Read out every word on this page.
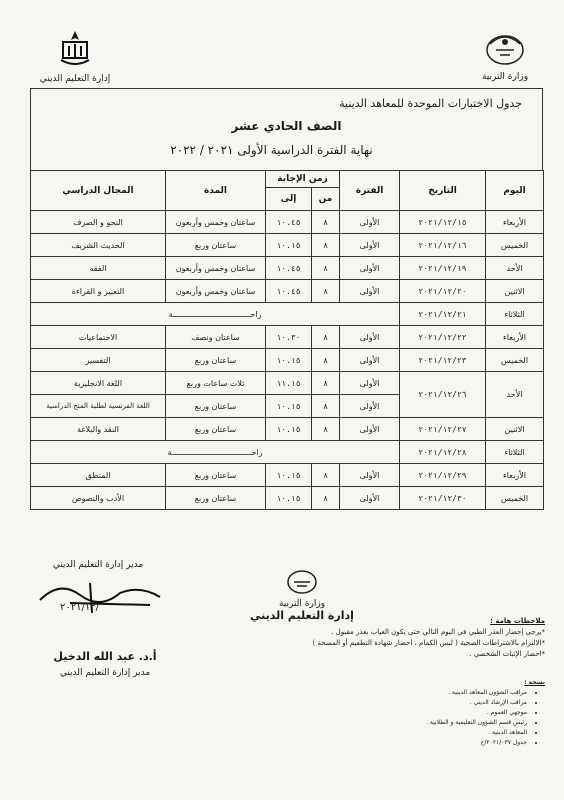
إدارة التعليم الديني	وزارة التربية
جدول الاختبارات الموحدة للمعاهد الدينية
الصف الحادي عشر
نهاية الفترة الدراسية الأولى ٢٠٢١ / ٢٠٢٢
اليوم	التاريخ	الفترة	زمن الإجابة		المدة	المجال الدراسي
			من	إلى		
الأربعاء	٢٠٢١/١٢/١٥	الأولى	٨	١٠.٤٥	ساعتان وخمس وأربعون	النحو و الصرف
الخميس	٢٠٢١/١٢/١٦	الأولى	٨	١٠.١٥	ساعتان وربع	الحديث الشريف
الأحد	٢٠٢١/١٢/١٩	الأولى	٨	١٠.٤٥	ساعتان وخمس وأربعون	الفقه
الاثنين	٢٠٢١/١٢/٢٠	الأولى	٨	١٠.٤٥	ساعتان وخمس وأربعون	التعبير و القراءة
الثلاثاء	٢٠٢١/١٢/٢١	راحـــــــــــــــــــــــــــــــــة				
الأربعاء	٢٠٢١/١٢/٢٢	الأولى	٨	١٠.٣٠	ساعتان ونصف	الاجتماعيات
الخميس	٢٠٢١/١٢/٢٣	الأولى	٨	١٠.١٥	ساعتان وربع	التفسير
الأحد	٢٠٢١/١٢/٢٦	الأولى	٨	١١.١٥	ثلاث ساعات وربع	اللغة الانجليزية
		الأولى	٨	١٠.١٥	ساعتان وربع	اللغة الفرنسية لطلبة المنح الدراسية
الاثنين	٢٠٢١/١٢/٢٧	الأولى	٨	١٠.١٥	ساعتان وربع	النقد والبلاغة
الثلاثاء	٢٠٢١/١٢/٢٨	راحــــــــــــــــــــــــــــــــــة				
الأربعاء	٢٠٢١/١٢/٢٩	الأولى	٨	١٠.١٥	ساعتان وربع	المنطق
الخميس	٢٠٢١/١٢/٣٠	الأولى	٨	١٠.١٥	ساعتان وربع	الأدب والنصوص
مدير إدارة التعليم الديني
٢٠٢١/١٢/
أ.د. عبد الله الدخيل
مدير إدارة التعليم الديني
وزارة التربية
إدارة التعليم الديني	ملاحظات هامة :
*يرجى إحضار العذر الطبي في اليوم التالي حتى يكون الغياب بعذر مقبول .
*الالتزام بالاشتراطات الصحية ( لبس الكمام ، احضار شهادة التطعيم أو المسحة )
*احضار الإثبات الشخصي .
نسخة :
• مراقب الشؤون المعاهد الدينية .
• مراقب الإرشاد الديني .
• موجهي العموم .
• رئيس قسم الشؤون التعليمية و الطلابية .
• المعاهد الدينية .
• جدول ٢٠٢١/٠٣٧/ح
